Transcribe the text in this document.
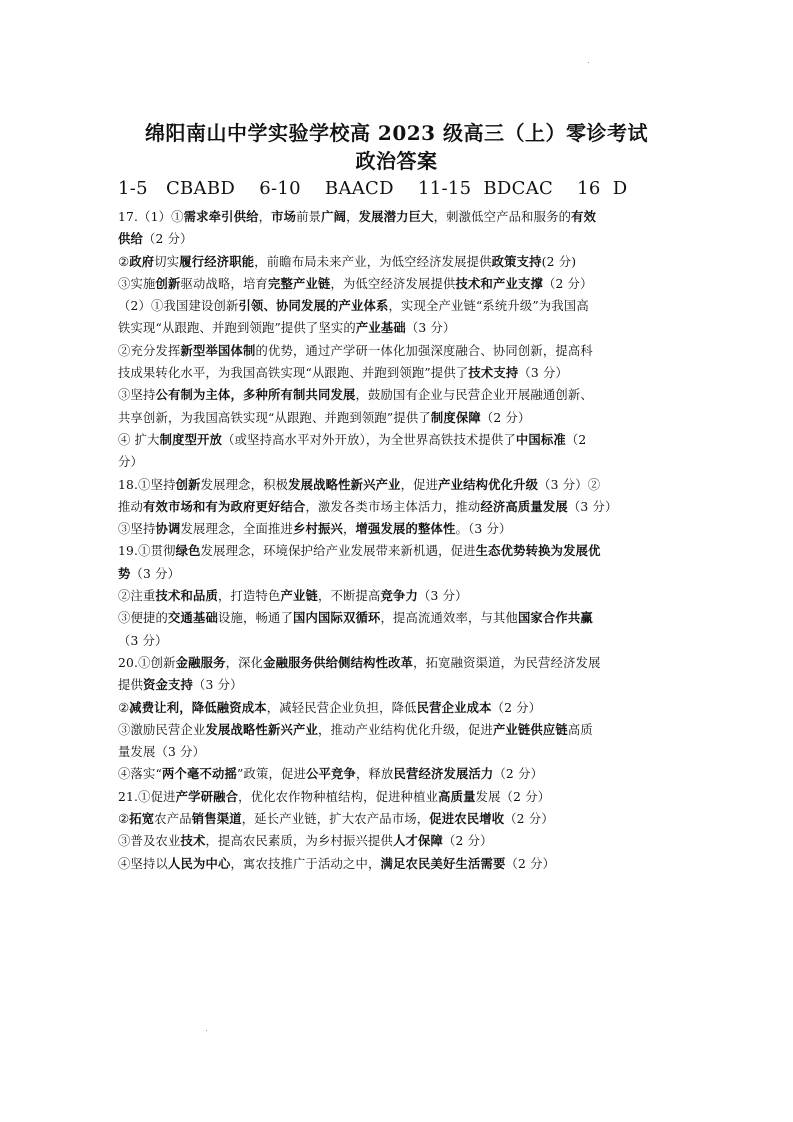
绵阳南山中学实验学校高 2023 级高三（上）零诊考试
政治答案
1-5   CBABD    6-10    BAACD    11-15  BDCAC    16  D

17.（1）①需求牵引供给，市场前景广阔，发展潜力巨大，刺激低空产品和服务的有效

供给（2 分）

②政府切实履行经济职能，前瞻布局未来产业，为低空经济发展提供政策支持(2 分)

③实施创新驱动战略，培育完整产业链，为低空经济发展提供技术和产业支撑（2 分）

（2）①我国建设创新引领、协同发展的产业体系，实现全产业链“系统升级”为我国高

铁实现“从跟跑、并跑到领跑”提供了坚实的产业基础（3 分）

②充分发挥新型举国体制的优势，通过产学研一体化加强深度融合、协同创新，提高科

技成果转化水平，为我国高铁实现“从跟跑、并跑到领跑”提供了技术支持（3 分）

③坚持公有制为主体，多种所有制共同发展，鼓励国有企业与民营企业开展融通创新、

共享创新，为我国高铁实现“从跟跑、并跑到领跑”提供了制度保障（2 分）

④ 扩大制度型开放（或坚持高水平对外开放），为全世界高铁技术提供了中国标准（2

分）

18.①坚持创新发展理念，积极发展战略性新兴产业，促进产业结构优化升级（3 分）②

推动有效市场和有为政府更好结合，激发各类市场主体活力，推动经济高质量发展（3 分）

③坚持协调发展理念，全面推进乡村振兴，增强发展的整体性。（3 分）

19.①贯彻绿色发展理念，环境保护给产业发展带来新机遇，促进生态优势转换为发展优

势（3 分）

②注重技术和品质，打造特色产业链，不断提高竞争力（3 分）

③便捷的交通基础设施，畅通了国内国际双循环，提高流通效率，与其他国家合作共赢

（3 分）

20.①创新金融服务，深化金融服务供给侧结构性改革，拓宽融资渠道，为民营经济发展

提供资金支持（3 分）

②减费让利，降低融资成本，减轻民营企业负担，降低民营企业成本（2 分）

③激励民营企业发展战略性新兴产业，推动产业结构优化升级，促进产业链供应链高质

量发展（3 分）

④落实“两个毫不动摇”政策，促进公平竞争，释放民营经济发展活力（2 分）

21.①促进产学研融合，优化农作物种植结构，促进种植业高质量发展（2 分）

②拓宽农产品销售渠道，延长产业链，扩大农产品市场，促进农民增收（2 分）

③普及农业技术，提高农民素质，为乡村振兴提供人才保障（2 分）

④坚持以人民为中心，寓农技推广于活动之中，满足农民美好生活需要（2 分）
